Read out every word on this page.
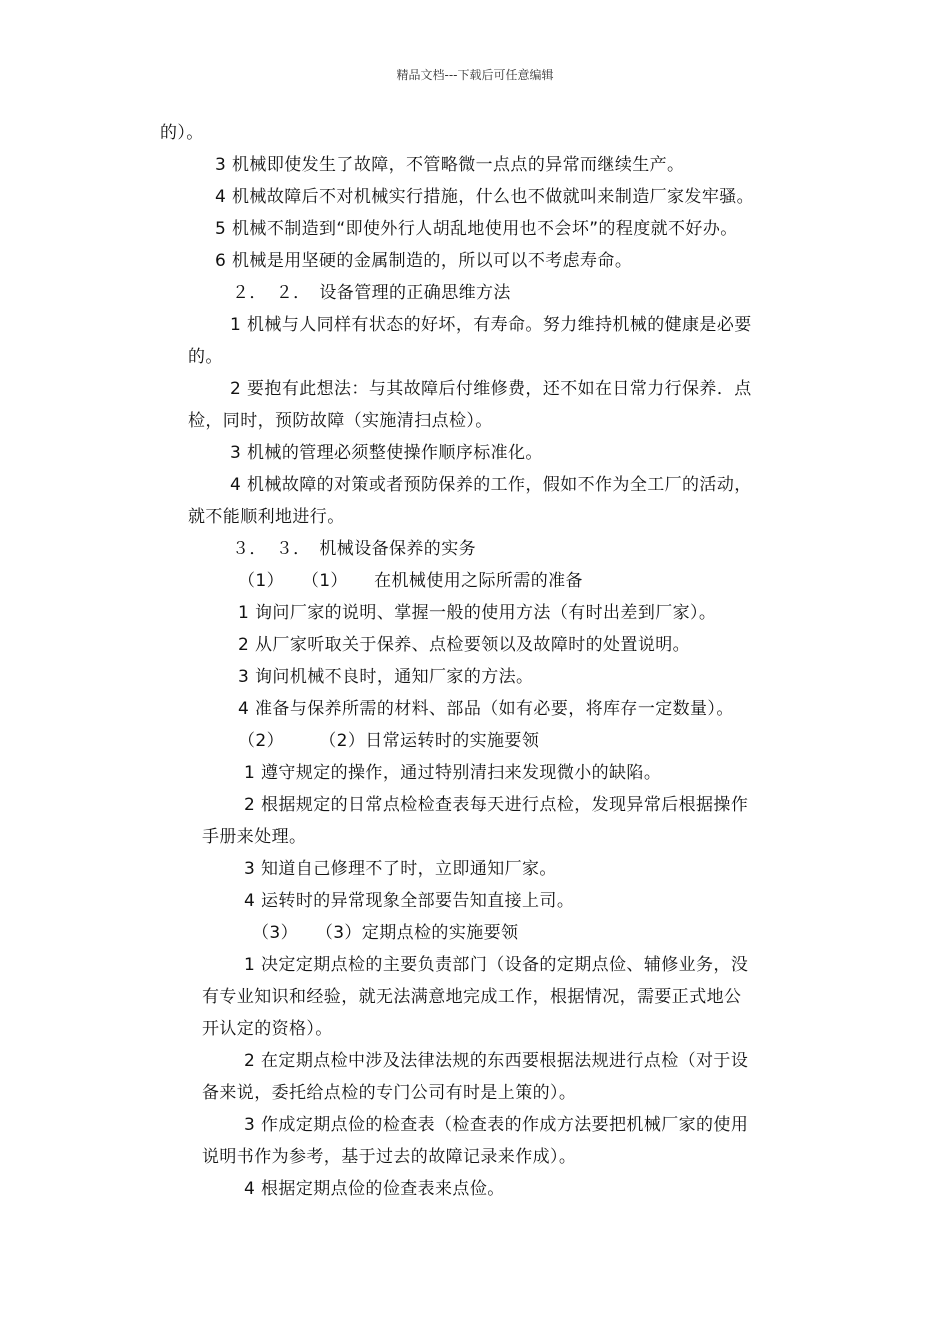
精品文档---下载后可任意编辑
的）。
3 机械即使发生了故障，不管略微一点点的异常而继续生产。
4 机械故障后不对机械实行措施，什么也不做就叫来制造厂家发牢骚。
5 机械不制造到“即使外行人胡乱地使用也不会坏”的程度就不好办。
6 机械是用坚硬的金属制造的，所以可以不考虑寿命。
２．　２．　设备管理的正确思维方法
1 机械与人同样有状态的好坏，有寿命。努力维持机械的健康是必要
的。
2 要抱有此想法：与其故障后付维修费，还不如在日常力行保养．点
检，同时，预防故障（实施清扫点检）。
3 机械的管理必须整使操作顺序标准化。
4 机械故障的对策或者预防保养的工作，假如不作为全工厂的活动，
就不能顺利地进行。
３．　３．　机械设备保养的实务
（1）　　（1）　　在机械使用之际所需的准备
1 询问厂家的说明、掌握一般的使用方法（有时出差到厂家）。
2 从厂家听取关于保养、点检要领以及故障时的处置说明。
3 询问机械不良时，通知厂家的方法。
4 准备与保养所需的材料、部品（如有必要，将库存一定数量）。
（2）　　　（2）日常运转时的实施要领
1 遵守规定的操作，通过特别清扫来发现微小的缺陷。
2 根据规定的日常点检检查表每天进行点检，发现异常后根据操作
手册来处理。
3 知道自己修理不了时，立即通知厂家。
4 运转时的异常现象全部要告知直接上司。
（3）　　（3）定期点检的实施要领
1 决定定期点检的主要负责部门（设备的定期点俭、辅修业务，没
有专业知识和经验，就无法满意地完成工作，根据情况，需要正式地公
开认定的资格）。
2 在定期点检中涉及法律法规的东西要根据法规进行点检（对于设
备来说，委托给点检的专门公司有时是上策的）。
3 作成定期点俭的检查表（检查表的作成方法要把机械厂家的使用
说明书作为参考，基于过去的故障记录来作成）。
4 根据定期点俭的俭查表来点俭。
